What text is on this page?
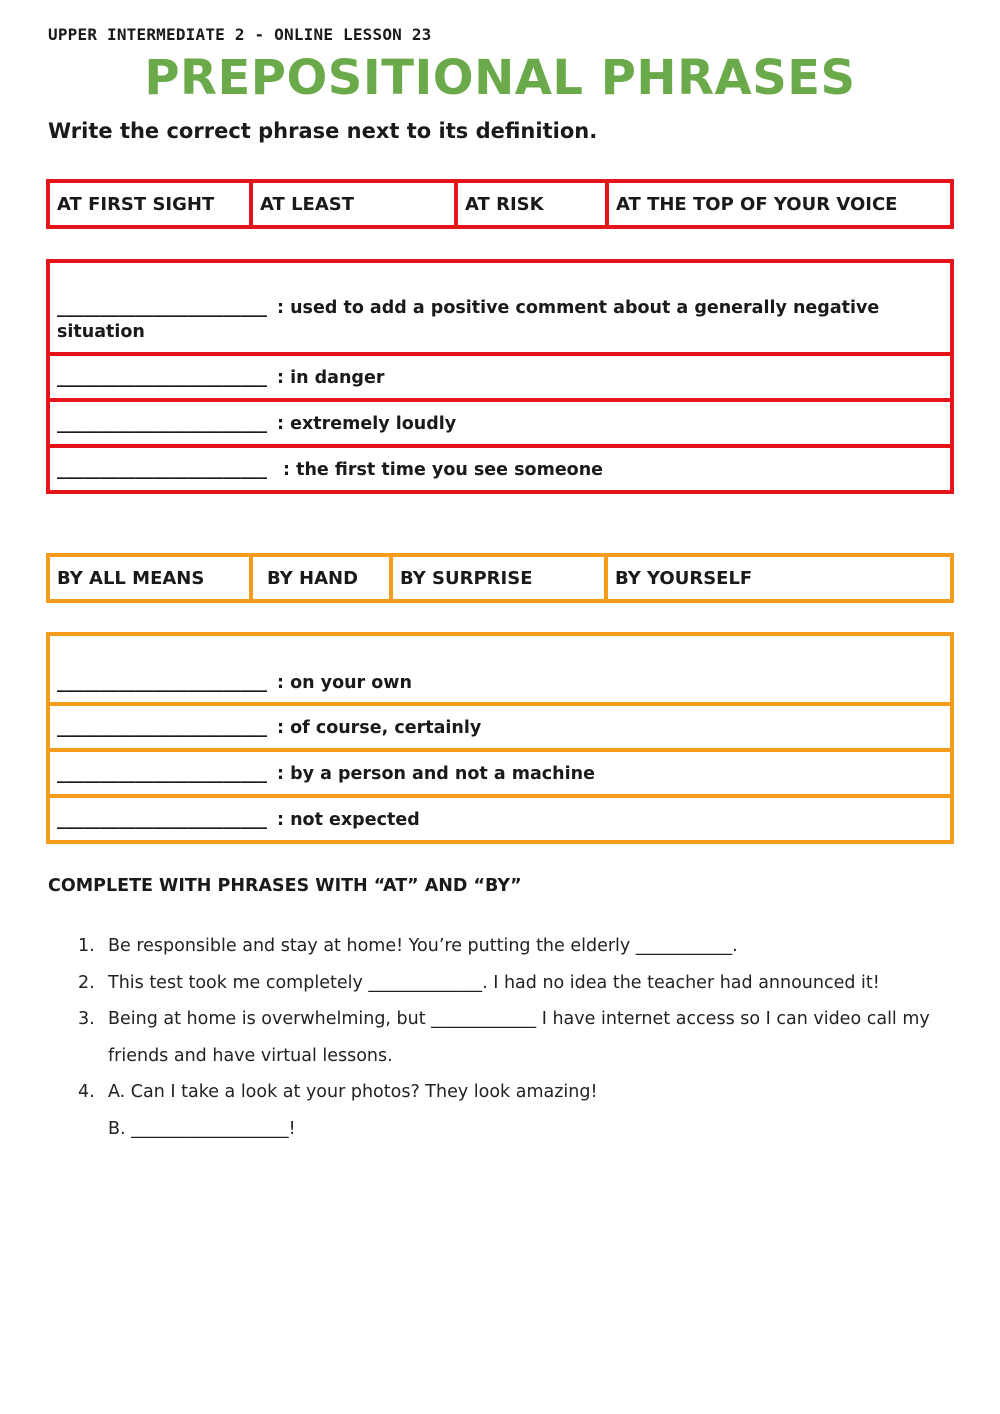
UPPER INTERMEDIATE 2 - ONLINE LESSON 23
PREPOSITIONAL PHRASES
Write the correct phrase next to its definition.
AT FIRST SIGHT	AT LEAST	AT RISK	AT THE TOP OF YOUR VOICE
________________________ : used to add a positive comment about a generally negative situation
________________________ : in danger
________________________ : extremely loudly
________________________ : the first time you see someone
BY ALL MEANS	BY HAND	BY SURPRISE	BY YOURSELF
________________________ : on your own
________________________ : of course, certainly
________________________ : by a person and not a machine
________________________ : not expected
COMPLETE WITH PHRASES WITH “AT” AND “BY”
1. Be responsible and stay at home! You’re putting the elderly ___________.
2. This test took me completely _____________. I had no idea the teacher had announced it!
3. Being at home is overwhelming, but ____________ I have internet access so I can video call my friends and have virtual lessons.
4. A. Can I take a look at your photos? They look amazing!
B. __________________!
